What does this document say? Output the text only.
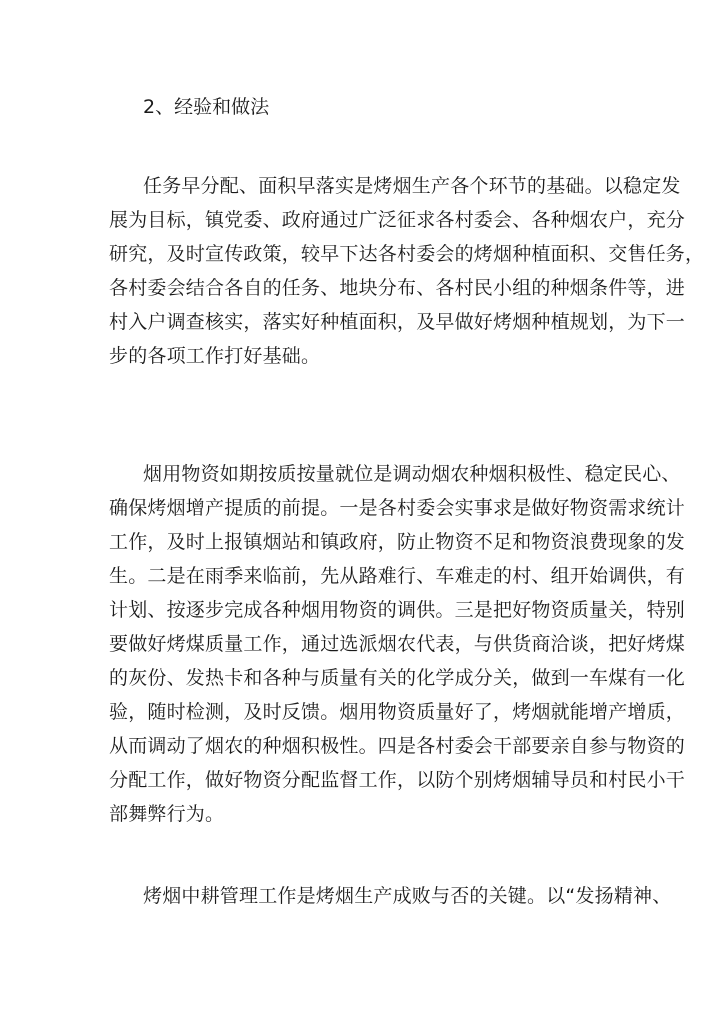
2、经验和做法
任务早分配、面积早落实是烤烟生产各个环节的基础。以稳定发
展为目标，镇党委、政府通过广泛征求各村委会、各种烟农户，充分
研究，及时宣传政策，较早下达各村委会的烤烟种植面积、交售任务，
各村委会结合各自的任务、地块分布、各村民小组的种烟条件等，进
村入户调查核实，落实好种植面积，及早做好烤烟种植规划，为下一
步的各项工作打好基础。
烟用物资如期按质按量就位是调动烟农种烟积极性、稳定民心、
确保烤烟增产提质的前提。一是各村委会实事求是做好物资需求统计
工作，及时上报镇烟站和镇政府，防止物资不足和物资浪费现象的发
生。二是在雨季来临前，先从路难行、车难走的村、组开始调供，有
计划、按逐步完成各种烟用物资的调供。三是把好物资质量关，特别
要做好烤煤质量工作，通过选派烟农代表，与供货商洽谈，把好烤煤
的灰份、发热卡和各种与质量有关的化学成分关，做到一车煤有一化
验，随时检测，及时反馈。烟用物资质量好了，烤烟就能增产增质，
从而调动了烟农的种烟积极性。四是各村委会干部要亲自参与物资的
分配工作，做好物资分配监督工作，以防个别烤烟辅导员和村民小干
部舞弊行为。
烤烟中耕管理工作是烤烟生产成败与否的关键。以“发扬精神、
